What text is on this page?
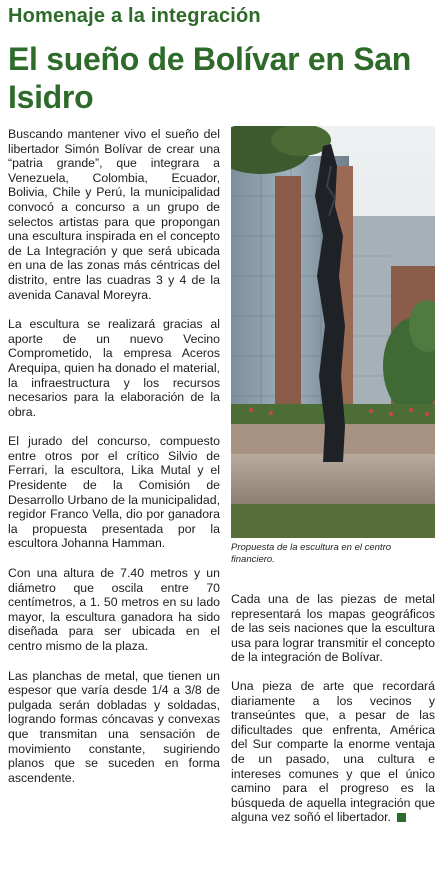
Homenaje a la integración
El sueño de Bolívar en San Isidro

Buscando mantener vivo el sueño del libertador Simón Bolívar de crear una “patria grande”, que integrara a Venezuela, Colombia, Ecuador, Bolivia, Chile y Perú, la municipalidad convocó a concurso a un grupo de selectos artistas para que propongan una escultura inspirada en el concepto de La Integración y que será ubicada en una de las zonas más céntricas del distrito, entre las cuadras 3 y 4 de la avenida Canaval Moreyra.

La escultura se realizará gracias al aporte de un nuevo Vecino Comprometido, la empresa Aceros Arequipa, quien ha donado el material, la infraestructura y los recursos necesarios para la elaboración de la obra.

El jurado del concurso, compuesto entre otros por el crítico Silvio de Ferrari, la escultora, Lika Mutal y el Presidente de la Comisión de Desarrollo Urbano de la municipalidad, regidor Franco Vella, dio por ganadora la propuesta presentada por la escultora Johanna Hamman.

Con una altura de 7.40 metros y un diámetro que oscila entre 70 centímetros, a 1. 50 metros en su lado mayor, la escultura ganadora ha sido diseñada para ser ubicada en el centro mismo de la plaza.

Las planchas de metal, que tienen un espesor que varía desde 1/4 a 3/8 de pulgada serán dobladas y soldadas, logrando formas cóncavas y convexas que transmitan una sensación de movimiento constante, sugiriendo planos que se suceden en forma ascendente.

Propuesta de la escultura en el centro financiero.

Cada una de las piezas de metal representará los mapas geográficos de las seis naciones que la escultura usa para lograr transmitir el concepto de la integración de Bolívar.

Una pieza de arte que recordará diariamente a los vecinos y transeúntes que, a pesar de las dificultades que enfrenta, América del Sur comparte la enorme ventaja de un pasado, una cultura e intereses comunes y que el único camino para el progreso es la búsqueda de aquella integración que alguna vez soñó el libertador.
